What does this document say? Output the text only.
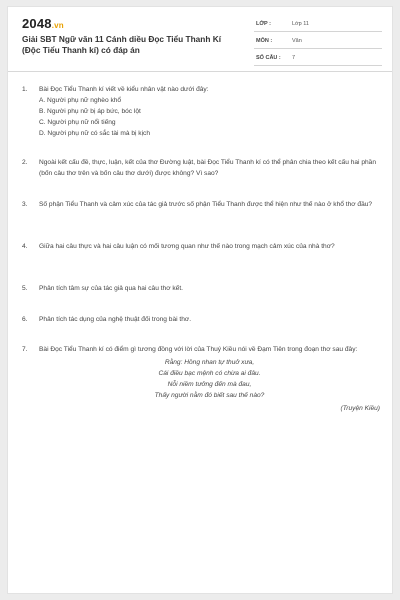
2048.vn
Giải SBT Ngữ văn 11 Cánh diều Đọc Tiểu Thanh Kí (Độc Tiểu Thanh kí) có đáp án
LỚP :	Lớp 11
MÔN :	Văn
SỐ CÂU : 7
1.	Bài Đọc Tiểu Thanh kí viết về kiểu nhân vật nào dưới đây:
A. Người phụ nữ nghèo khổ
B. Người phụ nữ bị áp bức, bóc lột
C. Người phụ nữ nổi tiếng
D. Người phụ nữ có sắc tài mà bị kịch
2.	Ngoài kết cấu đề, thực, luận, kết của thơ Đường luật, bài Đọc Tiểu Thanh kí có thể phân chia theo kết cấu hai phần (bốn câu thơ trên và bốn câu thơ dưới) được không? Vì sao?
3.	Số phận Tiểu Thanh và cảm xúc của tác giả trước số phận Tiểu Thanh được thể hiện như thế nào ở khổ thơ đầu?
4.	Giữa hai câu thực và hai câu luận có mối tương quan như thế nào trong mạch cảm xúc của nhà thơ?
5.	Phân tích tâm sự của tác giả qua hai câu thơ kết.
6.	Phân tích tác dụng của nghệ thuật đối trong bài thơ.
7.	Bài Đọc Tiểu Thanh kí có điểm gì tương đồng với lời của Thuý Kiều nói về Đạm Tiên trong đoạn thơ sau đây:
Rằng: Hồng nhan tự thuở xưa,
Cái điều bạc mệnh có chừa ai đâu.
Nỗi niềm tưởng đến mà đau,
Thấy người nằm đó biết sau thế nào?
(Truyện Kiều)
